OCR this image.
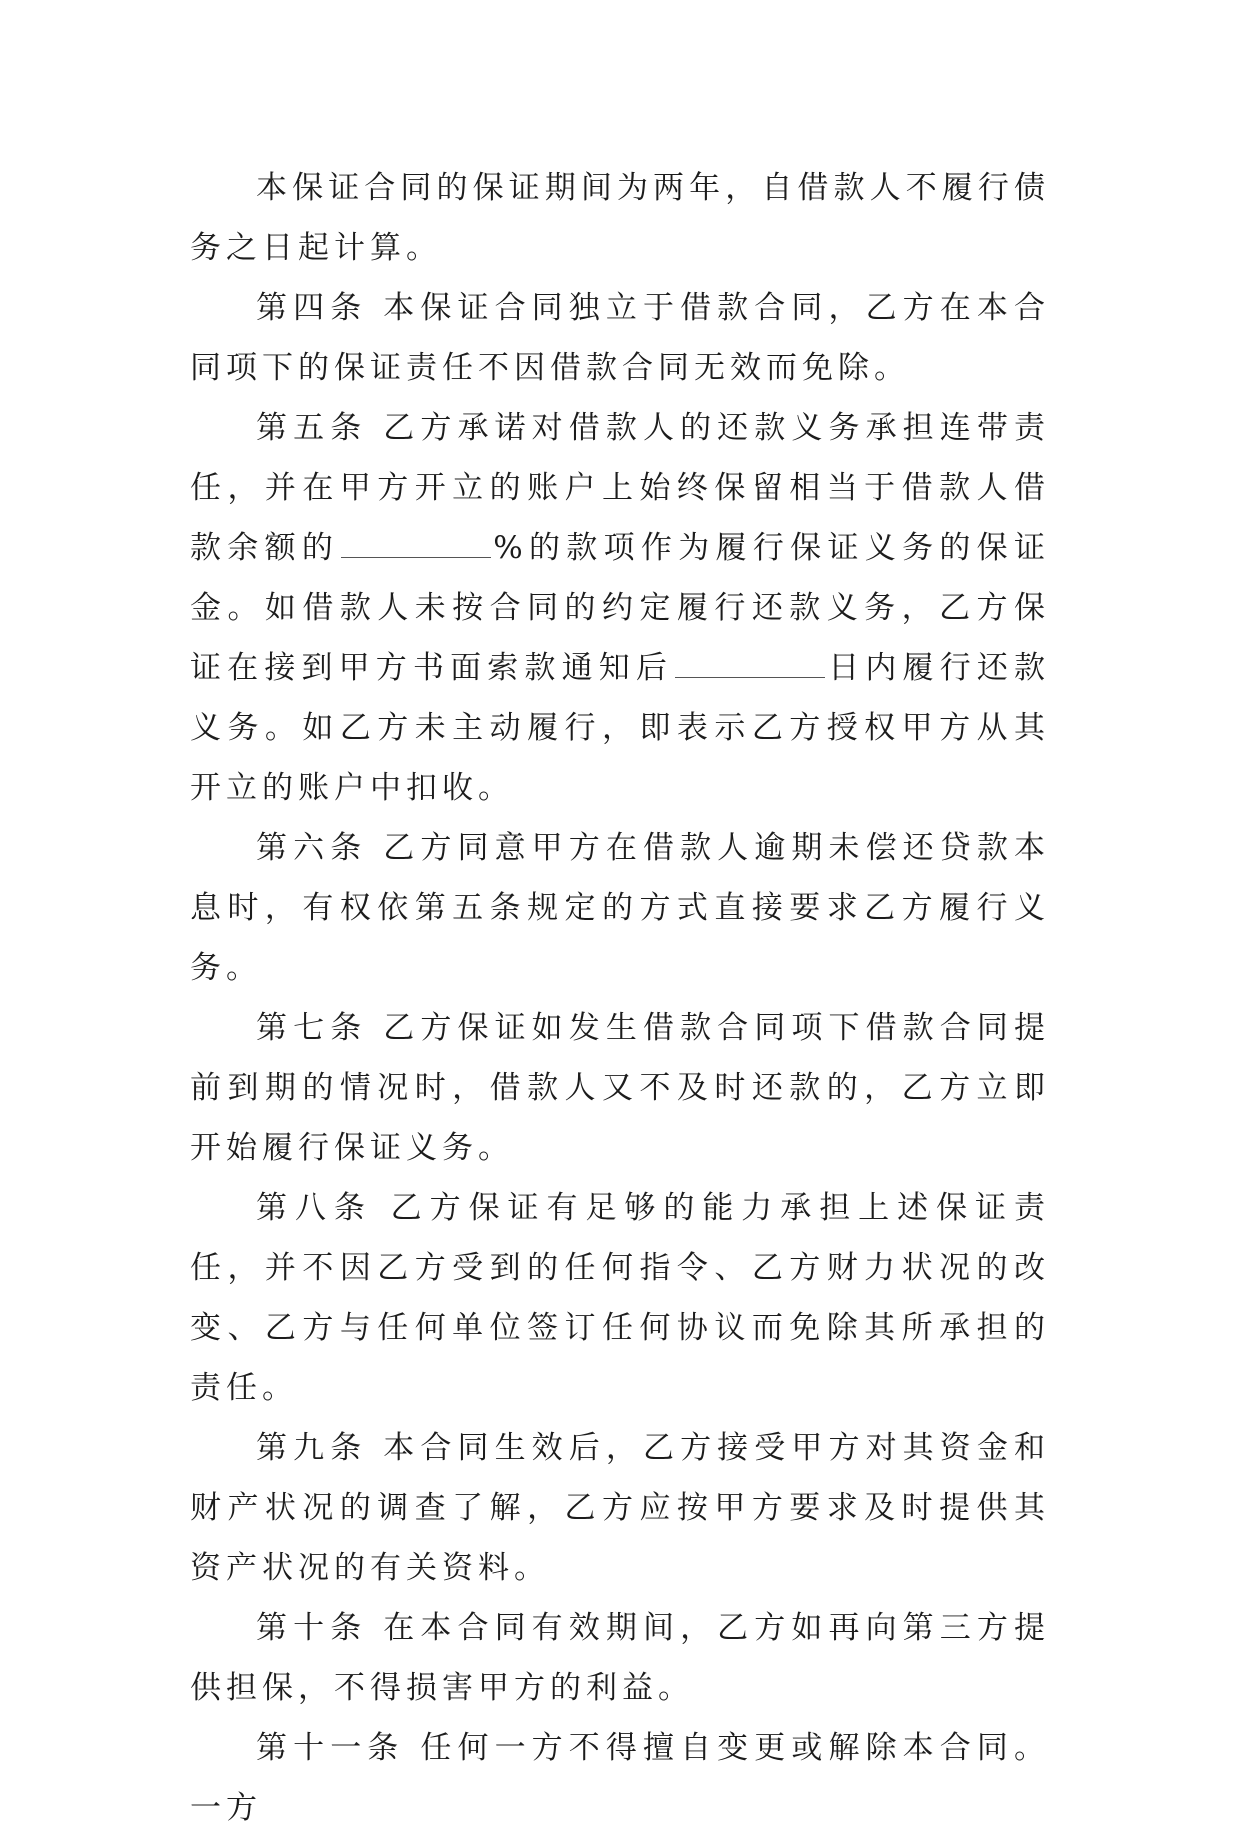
本保证合同的保证期间为两年，自借款人不履行债务之日起计算。

第四条 本保证合同独立于借款合同，乙方在本合同项下的保证责任不因借款合同无效而免除。

第五条 乙方承诺对借款人的还款义务承担连带责任，并在甲方开立的账户上始终保留相当于借款人借款余额的	%的款项作为履行保证义务的保证金。如借款人未按合同的约定履行还款义务，乙方保证在接到甲方书面索款通知后	日内履行还款义务。如乙方未主动履行，即表示乙方授权甲方从其开立的账户中扣收。

第六条 乙方同意甲方在借款人逾期未偿还贷款本息时，有权依第五条规定的方式直接要求乙方履行义务。

第七条 乙方保证如发生借款合同项下借款合同提前到期的情况时，借款人又不及时还款的，乙方立即开始履行保证义务。

第八条 乙方保证有足够的能力承担上述保证责任，并不因乙方受到的任何指令、乙方财力状况的改变、乙方与任何单位签订任何协议而免除其所承担的责任。

第九条 本合同生效后，乙方接受甲方对其资金和财产状况的调查了解，乙方应按甲方要求及时提供其资产状况的有关资料。

第十条 在本合同有效期间，乙方如再向第三方提供担保，不得损害甲方的利益。

第十一条 任何一方不得擅自变更或解除本合同。一方
